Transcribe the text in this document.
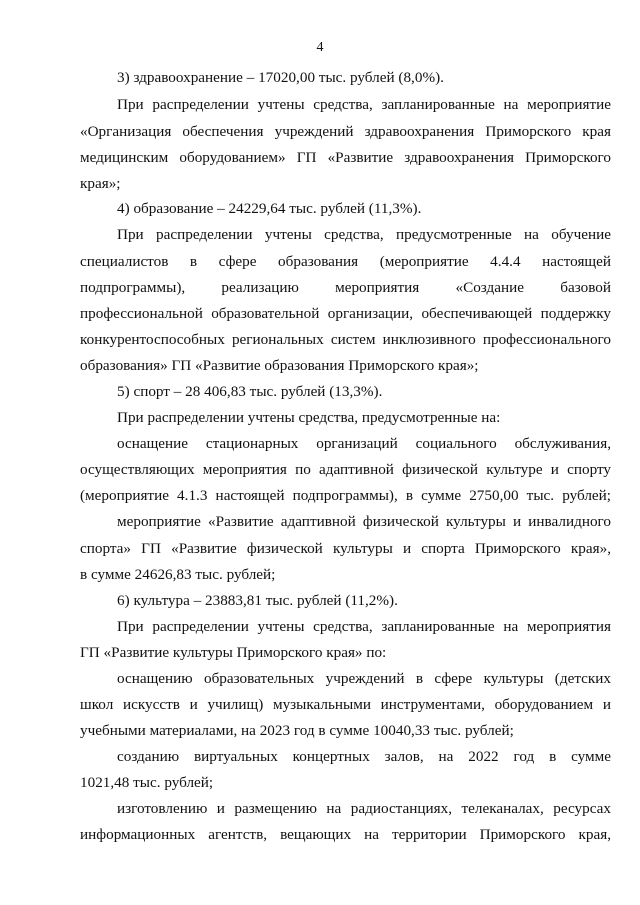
4
3) здравоохранение – 17020,00 тыс. рублей (8,0%).
При распределении учтены средства, запланированные на мероприятие
«Организация обеспечения учреждений здравоохранения Приморского края
медицинским оборудованием» ГП «Развитие здравоохранения Приморского
края»;
4) образование – 24229,64 тыс. рублей (11,3%).
При распределении учтены средства, предусмотренные на обучение
специалистов в сфере образования (мероприятие 4.4.4 настоящей
подпрограммы), реализацию мероприятия «Создание базовой
профессиональной образовательной организации, обеспечивающей поддержку
конкурентоспособных региональных систем инклюзивного профессионального
образования» ГП «Развитие образования Приморского края»;
5) спорт – 28 406,83 тыс. рублей (13,3%).
При распределении учтены средства, предусмотренные на:
оснащение стационарных организаций социального обслуживания,
осуществляющих мероприятия по адаптивной физической культуре и спорту
(мероприятие 4.1.3 настоящей подпрограммы), в сумме 2750,00 тыс. рублей;
мероприятие «Развитие адаптивной физической культуры и инвалидного
спорта» ГП «Развитие физической культуры и спорта Приморского края»,
в сумме 24626,83 тыс. рублей;
6) культура – 23883,81 тыс. рублей (11,2%).
При распределении учтены средства, запланированные на мероприятия
ГП «Развитие культуры Приморского края» по:
оснащению образовательных учреждений в сфере культуры (детских
школ искусств и училищ) музыкальными инструментами, оборудованием и
учебными материалами, на 2023 год в сумме 10040,33 тыс. рублей;
созданию виртуальных концертных залов, на 2022 год в сумме
1021,48 тыс. рублей;
изготовлению и размещению на радиостанциях, телеканалах, ресурсах
информационных агентств, вещающих на территории Приморского края,
